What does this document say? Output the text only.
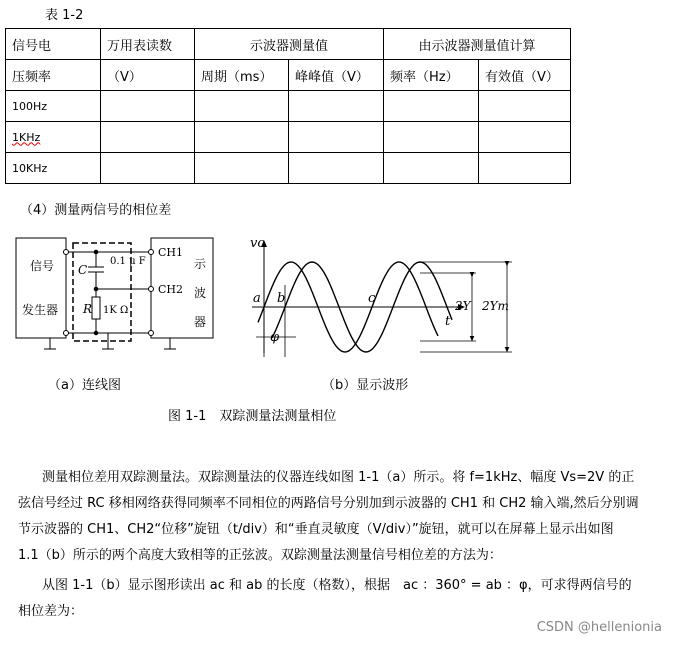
表 1-2
信号电	万用表读数	示波器测量值		由示波器测量值计算	
压频率	（V）	周期（ms）	峰峰值（V）	频率（Hz）	有效值（V）
100Hz					
1KHz					
10KHz					
（4）测量两信号的相位差
信号
发生器
C
0.1 μ F
R 1K Ω
CH1
CH2
示
波
器
vo
t
a b	c
φ
2Y 2Ym
（a）连线图	（b）显示波形
图 1-1　双踪测量法测量相位

测量相位差用双踪测量法。双踪测量法的仪器连线如图 1-1（a）所示。将 f=1kHz、幅度 Vs=2V 的正

弦信号经过 RC 移相网络获得同频率不同相位的两路信号分别加到示波器的 CH1 和 CH2 输入端,然后分别调

节示波器的 CH1、CH2“位移”旋钮（t/div）和“垂直灵敏度（V/div）”旋钮，就可以在屏幕上显示出如图

1.1（b）所示的两个高度大致相等的正弦波。双踪测量法测量信号相位差的方法为：

从图 1-1（b）显示图形读出 ac 和 ab 的长度（格数），根据　ac ：360° = ab ：φ，可求得两信号的

相位差为：

CSDN @hellenionia
